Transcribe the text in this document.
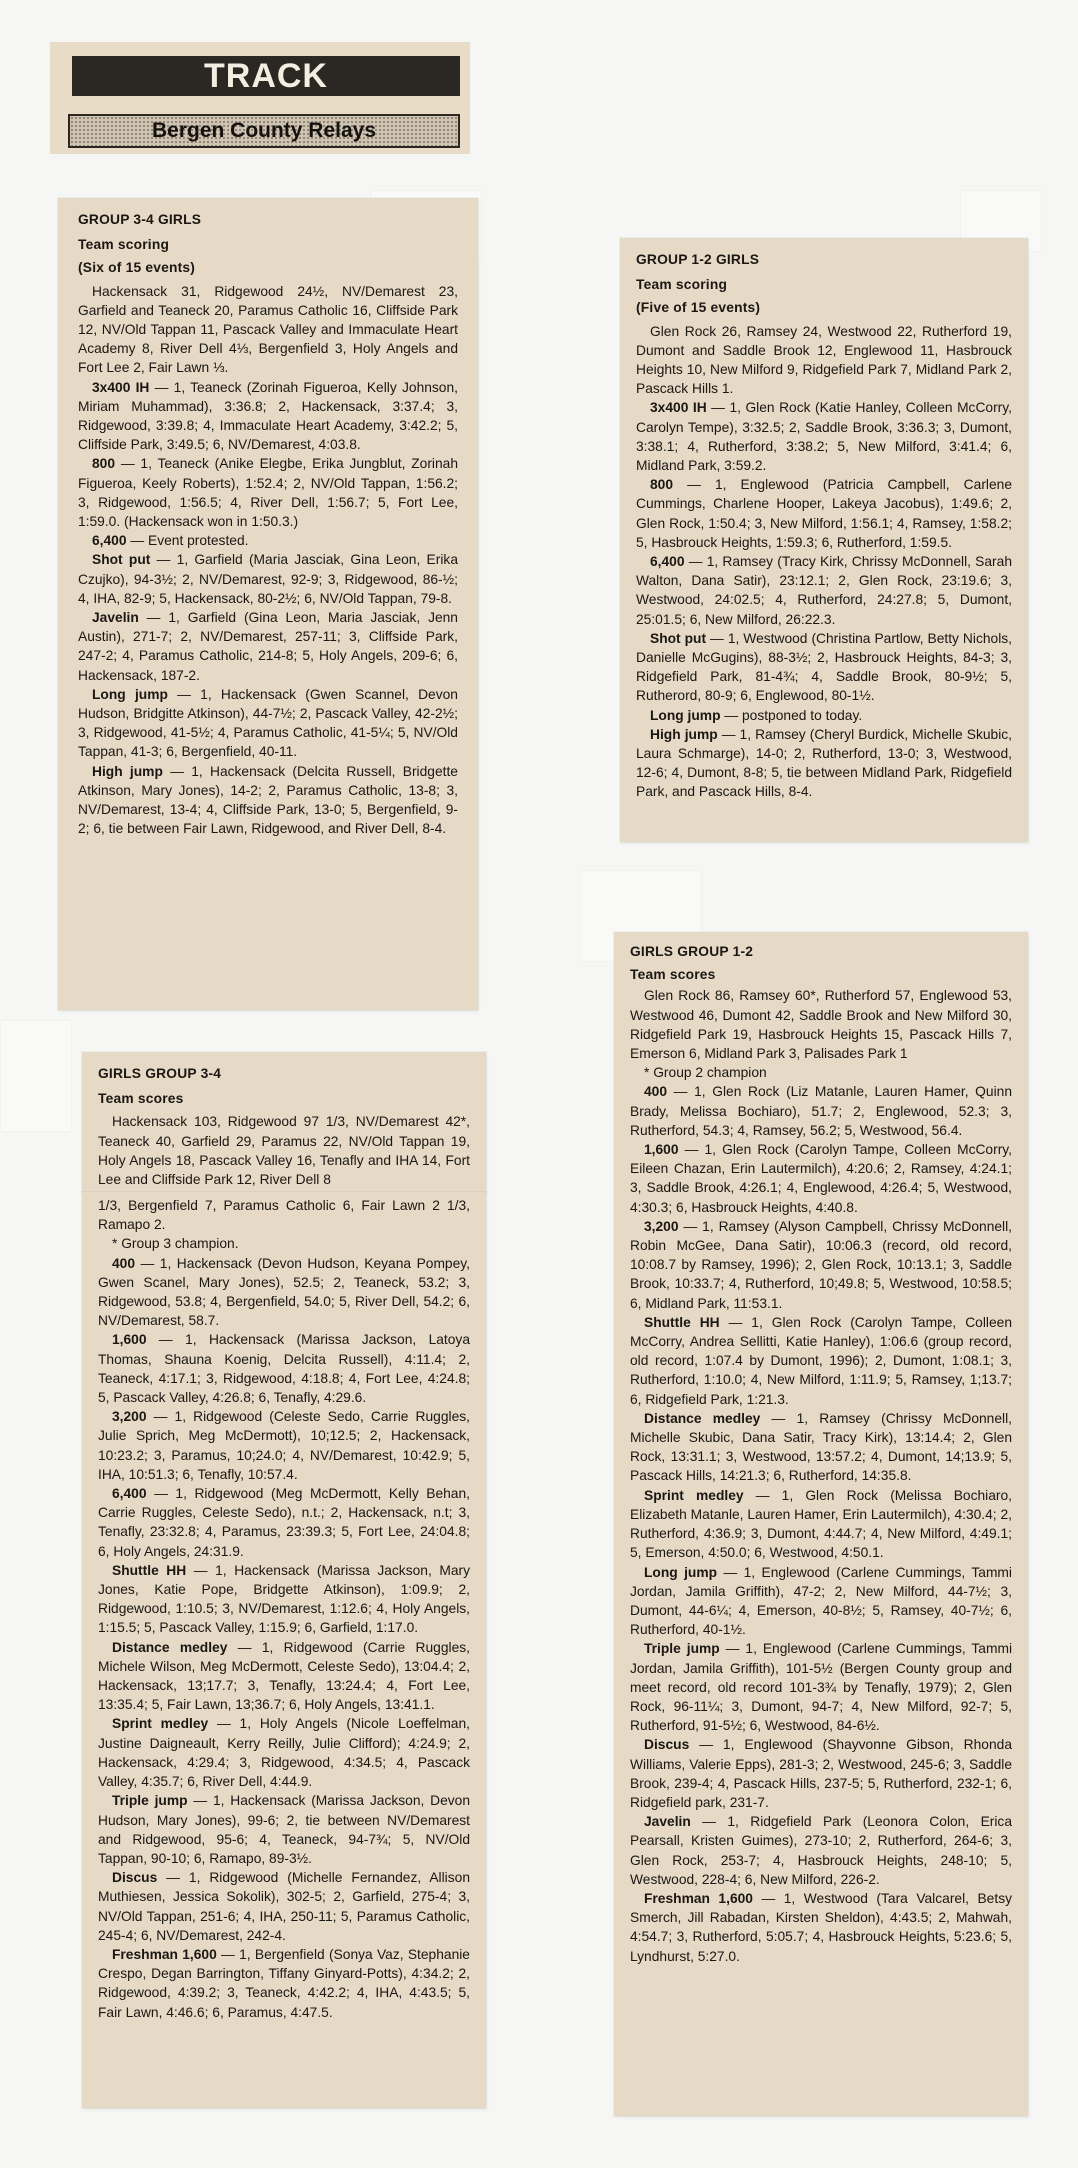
TRACK
Bergen County Relays
GROUP 3-4 GIRLS
Team scoring
(Six of 15 events)

Hackensack 31, Ridgewood 24½, NV/Demarest 23, Garfield and Teaneck 20, Paramus Catholic 16, Cliffside Park 12, NV/Old Tappan 11, Pascack Valley and Immaculate Heart Academy 8, River Dell 4⅓, Bergenfield 3, Holy Angels and Fort Lee 2, Fair Lawn ⅓.

3x400 IH — 1, Teaneck (Zorinah Figueroa, Kelly Johnson, Miriam Muhammad), 3:36.8; 2, Hackensack, 3:37.4; 3, Ridgewood, 3:39.8; 4, Immaculate Heart Academy, 3:42.2; 5, Cliffside Park, 3:49.5; 6, NV/Demarest, 4:03.8.

800 — 1, Teaneck (Anike Elegbe, Erika Jungblut, Zorinah Figueroa, Keely Roberts), 1:52.4; 2, NV/Old Tappan, 1:56.2; 3, Ridgewood, 1:56.5; 4, River Dell, 1:56.7; 5, Fort Lee, 1:59.0. (Hackensack won in 1:50.3.)

6,400 — Event protested.

Shot put — 1, Garfield (Maria Jasciak, Gina Leon, Erika Czujko), 94-3½; 2, NV/Demarest, 92-9; 3, Ridgewood, 86-½; 4, IHA, 82-9; 5, Hackensack, 80-2½; 6, NV/Old Tappan, 79-8.

Javelin — 1, Garfield (Gina Leon, Maria Jasciak, Jenn Austin), 271-7; 2, NV/Demarest, 257-11; 3, Cliffside Park, 247-2; 4, Paramus Catholic, 214-8; 5, Holy Angels, 209-6; 6, Hackensack, 187-2.

Long jump — 1, Hackensack (Gwen Scannel, Devon Hudson, Bridgitte Atkinson), 44-7½; 2, Pascack Valley, 42-2½; 3, Ridgewood, 41-5½; 4, Paramus Catholic, 41-5¼; 5, NV/Old Tappan, 41-3; 6, Bergenfield, 40-11.

High jump — 1, Hackensack (Delcita Russell, Bridgette Atkinson, Mary Jones), 14-2; 2, Paramus Catholic, 13-8; 3, NV/Demarest, 13-4; 4, Cliffside Park, 13-0; 5, Bergenfield, 9-2; 6, tie between Fair Lawn, Ridgewood, and River Dell, 8-4.

GROUP 1-2 GIRLS
Team scoring
(Five of 15 events)

Glen Rock 26, Ramsey 24, Westwood 22, Rutherford 19, Dumont and Saddle Brook 12, Englewood 11, Hasbrouck Heights 10, New Milford 9, Ridgefield Park 7, Midland Park 2, Pascack Hills 1.

3x400 IH — 1, Glen Rock (Katie Hanley, Colleen McCorry, Carolyn Tempe), 3:32.5; 2, Saddle Brook, 3:36.3; 3, Dumont, 3:38.1; 4, Rutherford, 3:38.2; 5, New Milford, 3:41.4; 6, Midland Park, 3:59.2.

800 — 1, Englewood (Patricia Campbell, Carlene Cummings, Charlene Hooper, Lakeya Jacobus), 1:49.6; 2, Glen Rock, 1:50.4; 3, New Milford, 1:56.1; 4, Ramsey, 1:58.2; 5, Hasbrouck Heights, 1:59.3; 6, Rutherford, 1:59.5.

6,400 — 1, Ramsey (Tracy Kirk, Chrissy McDonnell, Sarah Walton, Dana Satir), 23:12.1; 2, Glen Rock, 23:19.6; 3, Westwood, 24:02.5; 4, Rutherford, 24:27.8; 5, Dumont, 25:01.5; 6, New Milford, 26:22.3.

Shot put — 1, Westwood (Christina Partlow, Betty Nichols, Danielle McGugins), 88-3½; 2, Hasbrouck Heights, 84-3; 3, Ridgefield Park, 81-4¾; 4, Saddle Brook, 80-9½; 5, Rutherord, 80-9; 6, Englewood, 80-1½.

Long jump — postponed to today.

High jump — 1, Ramsey (Cheryl Burdick, Michelle Skubic, Laura Schmarge), 14-0; 2, Rutherford, 13-0; 3, Westwood, 12-6; 4, Dumont, 8-8; 5, tie between Midland Park, Ridgefield Park, and Pascack Hills, 8-4.

GIRLS GROUP 3-4
Team scores

Hackensack 103, Ridgewood 97 1/3, NV/Demarest 42*, Teaneck 40, Garfield 29, Paramus 22, NV/Old Tappan 19, Holy Angels 18, Pascack Valley 16, Tenafly and IHA 14, Fort Lee and Cliffside Park 12, River Dell 8

1/3, Bergenfield 7, Paramus Catholic 6, Fair Lawn 2 1/3, Ramapo 2.

* Group 3 champion.

400 — 1, Hackensack (Devon Hudson, Keyana Pompey, Gwen Scanel, Mary Jones), 52.5; 2, Teaneck, 53.2; 3, Ridgewood, 53.8; 4, Bergenfield, 54.0; 5, River Dell, 54.2; 6, NV/Demarest, 58.7.

1,600 — 1, Hackensack (Marissa Jackson, Latoya Thomas, Shauna Koenig, Delcita Russell), 4:11.4; 2, Teaneck, 4:17.1; 3, Ridgewood, 4:18.8; 4, Fort Lee, 4:24.8; 5, Pascack Valley, 4:26.8; 6, Tenafly, 4:29.6.

3,200 — 1, Ridgewood (Celeste Sedo, Carrie Ruggles, Julie Sprich, Meg McDermott), 10;12.5; 2, Hackensack, 10:23.2; 3, Paramus, 10;24.0; 4, NV/Demarest, 10:42.9; 5, IHA, 10:51.3; 6, Tenafly, 10:57.4.

6,400 — 1, Ridgewood (Meg McDermott, Kelly Behan, Carrie Ruggles, Celeste Sedo), n.t.; 2, Hackensack, n.t; 3, Tenafly, 23:32.8; 4, Paramus, 23:39.3; 5, Fort Lee, 24:04.8; 6, Holy Angels, 24:31.9.

Shuttle HH — 1, Hackensack (Marissa Jackson, Mary Jones, Katie Pope, Bridgette Atkinson), 1:09.9; 2, Ridgewood, 1:10.5; 3, NV/Demarest, 1:12.6; 4, Holy Angels, 1:15.5; 5, Pascack Valley, 1:15.9; 6, Garfield, 1:17.0.

Distance medley — 1, Ridgewood (Carrie Ruggles, Michele Wilson, Meg McDermott, Celeste Sedo), 13:04.4; 2, Hackensack, 13;17.7; 3, Tenafly, 13:24.4; 4, Fort Lee, 13:35.4; 5, Fair Lawn, 13;36.7; 6, Holy Angels, 13:41.1.

Sprint medley — 1, Holy Angels (Nicole Loeffelman, Justine Daigneault, Kerry Reilly, Julie Clifford); 4:24.9; 2, Hackensack, 4:29.4; 3, Ridgewood, 4:34.5; 4, Pascack Valley, 4:35.7; 6, River Dell, 4:44.9.

Triple jump — 1, Hackensack (Marissa Jackson, Devon Hudson, Mary Jones), 99-6; 2, tie between NV/Demarest and Ridgewood, 95-6; 4, Teaneck, 94-7¾; 5, NV/Old Tappan, 90-10; 6, Ramapo, 89-3½.

Discus — 1, Ridgewood (Michelle Fernandez, Allison Muthiesen, Jessica Sokolik), 302-5; 2, Garfield, 275-4; 3, NV/Old Tappan, 251-6; 4, IHA, 250-11; 5, Paramus Catholic, 245-4; 6, NV/Demarest, 242-4.

Freshman 1,600 — 1, Bergenfield (Sonya Vaz, Stephanie Crespo, Degan Barrington, Tiffany Ginyard-Potts), 4:34.2; 2, Ridgewood, 4:39.2; 3, Teaneck, 4:42.2; 4, IHA, 4:43.5; 5, Fair Lawn, 4:46.6; 6, Paramus, 4:47.5.

GIRLS GROUP 1-2
Team scores

Glen Rock 86, Ramsey 60*, Rutherford 57, Englewood 53, Westwood 46, Dumont 42, Saddle Brook and New Milford 30, Ridgefield Park 19, Hasbrouck Heights 15, Pascack Hills 7, Emerson 6, Midland Park 3, Palisades Park 1

* Group 2 champion

400 — 1, Glen Rock (Liz Matanle, Lauren Hamer, Quinn Brady, Melissa Bochiaro), 51.7; 2, Englewood, 52.3; 3, Rutherford, 54.3; 4, Ramsey, 56.2; 5, Westwood, 56.4.

1,600 — 1, Glen Rock (Carolyn Tampe, Colleen McCorry, Eileen Chazan, Erin Lautermilch), 4:20.6; 2, Ramsey, 4:24.1; 3, Saddle Brook, 4:26.1; 4, Englewood, 4:26.4; 5, Westwood, 4:30.3; 6, Hasbrouck Heights, 4:40.8.

3,200 — 1, Ramsey (Alyson Campbell, Chrissy McDonnell, Robin McGee, Dana Satir), 10:06.3 (record, old record, 10:08.7 by Ramsey, 1996); 2, Glen Rock, 10:13.1; 3, Saddle Brook, 10:33.7; 4, Rutherford, 10;49.8; 5, Westwood, 10:58.5; 6, Midland Park, 11:53.1.

Shuttle HH — 1, Glen Rock (Carolyn Tampe, Colleen McCorry, Andrea Sellitti, Katie Hanley), 1:06.6 (group record, old record, 1:07.4 by Dumont, 1996); 2, Dumont, 1:08.1; 3, Rutherford, 1:10.0; 4, New Milford, 1:11.9; 5, Ramsey, 1;13.7; 6, Ridgefield Park, 1:21.3.

Distance medley — 1, Ramsey (Chrissy McDonnell, Michelle Skubic, Dana Satir, Tracy Kirk), 13:14.4; 2, Glen Rock, 13:31.1; 3, Westwood, 13:57.2; 4, Dumont, 14;13.9; 5, Pascack Hills, 14:21.3; 6, Rutherford, 14:35.8.

Sprint medley — 1, Glen Rock (Melissa Bochiaro, Elizabeth Matanle, Lauren Hamer, Erin Lautermilch), 4:30.4; 2, Rutherford, 4:36.9; 3, Dumont, 4:44.7; 4, New Milford, 4:49.1; 5, Emerson, 4:50.0; 6, Westwood, 4:50.1.

Long jump — 1, Englewood (Carlene Cummings, Tammi Jordan, Jamila Griffith), 47-2; 2, New Milford, 44-7½; 3, Dumont, 44-6¼; 4, Emerson, 40-8½; 5, Ramsey, 40-7½; 6, Rutherford, 40-1½.

Triple jump — 1, Englewood (Carlene Cummings, Tammi Jordan, Jamila Griffith), 101-5½ (Bergen County group and meet record, old record 101-3¾ by Tenafly, 1979); 2, Glen Rock, 96-11¼; 3, Dumont, 94-7; 4, New Milford, 92-7; 5, Rutherford, 91-5½; 6, Westwood, 84-6½.

Discus — 1, Englewood (Shayvonne Gibson, Rhonda Williams, Valerie Epps), 281-3; 2, Westwood, 245-6; 3, Saddle Brook, 239-4; 4, Pascack Hills, 237-5; 5, Rutherford, 232-1; 6, Ridgefield park, 231-7.

Javelin — 1, Ridgefield Park (Leonora Colon, Erica Pearsall, Kristen Guimes), 273-10; 2, Rutherford, 264-6; 3, Glen Rock, 253-7; 4, Hasbrouck Heights, 248-10; 5, Westwood, 228-4; 6, New Milford, 226-2.

Freshman 1,600 — 1, Westwood (Tara Valcarel, Betsy Smerch, Jill Rabadan, Kirsten Sheldon), 4:43.5; 2, Mahwah, 4:54.7; 3, Rutherford, 5:05.7; 4, Hasbrouck Heights, 5:23.6; 5, Lyndhurst, 5:27.0.
